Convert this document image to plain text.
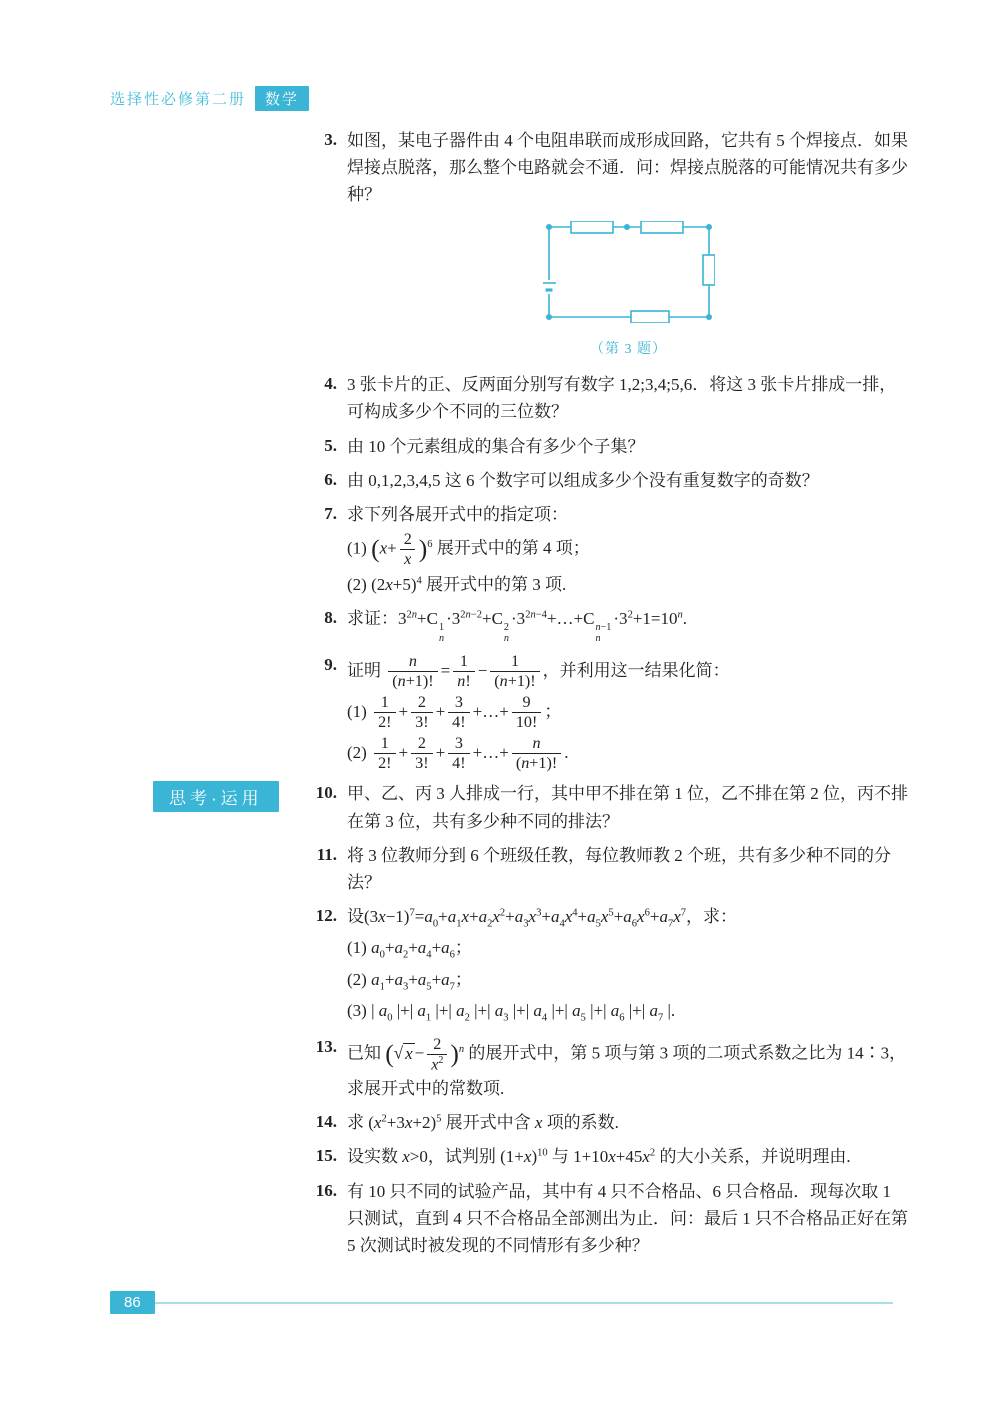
选择性必修第二册	数学
思考·运用
3. 如图，某电子器件由 4 个电阻串联而成形成回路，它共有 5 个焊接点．如果焊接点脱落，那么整个电路就会不通．问：焊接点脱落的可能情况共有多少种？
（第 3 题）
4. 3 张卡片的正、反两面分别写有数字 1,2;3,4;5,6．将这 3 张卡片排成一排，可构成多少个不同的三位数？
5. 由 10 个元素组成的集合有多少个子集？
6. 由 0,1,2,3,4,5 这 6 个数字可以组成多少个没有重复数字的奇数？
7. 求下列各展开式中的指定项：
(1) $(x+ \frac{2}{x} )^6$ 展开式中的第 4 项；
(2) $(2x+5)^4$ 展开式中的第 3 项.
8. 求证：$3^{2n}+C$ 1
n
$\cdot 3^{2n-2}+C$ 2
n
$\cdot 3^{2n-4}+\dots+C$ n−1
n
$\cdot 3^2+1=10^n$.
9. 证明 $\frac{n}{(n+1)!} = \frac{1}{n!} - \frac{1}{(n+1)!}$ ，并利用这一结果化简：
$(1) \frac{1}{2!} + \frac{2}{3!} + \frac{3}{4!}$ +…+ $\frac{9}{10!}$ ；
$(2) \frac{1}{2!} + \frac{2}{3!} + \frac{3}{4!}$ +…+ $\frac{n}{(n+1)!}$ .
10. 甲、乙、丙 3 人排成一行，其中甲不排在第 1 位，乙不排在第 2 位，丙不排在第 3 位，共有多少种不同的排法？
11. 将 3 位教师分到 6 个班级任教，每位教师教 2 个班，共有多少种不同的分法？
12. 设$(3x-1)^7=a_0+a_1x+a_2x^2+a_3x^3+a_4x^4+a_5x^5+a_6x^6+a_7x^7$，求：
(1) $a_0+a_2+a_4+a_6$；
(2) $a_1+a_3+a_5+a_7$；
(3) | $a_0$ |+| $a_1$ |+| $a_2$ |+| $a_3$ |+| $a_4$ |+| $a_5$ |+| $a_6$ |+| $a_7$ |.
13. 已知 (√ $x - \frac{2}{x^2} )^n$ 的展开式中，第 5 项与第 3 项的二项式系数之比为 14∶3，求展开式中的常数项.
14. 求 $(x^2+3x+2)^5$ 展开式中含 x 项的系数.
15. 设实数 x>0，试判别 $(1+x)^{10}$ 与 $1+10x+45x^2$ 的大小关系，并说明理由.
16. 有 10 只不同的试验产品，其中有 4 只不合格品、6 只合格品．现每次取 1 只测试，直到 4 只不合格品全部测出为止．问：最后 1 只不合格品正好在第 5 次测试时被发现的不同情形有多少种？
86
